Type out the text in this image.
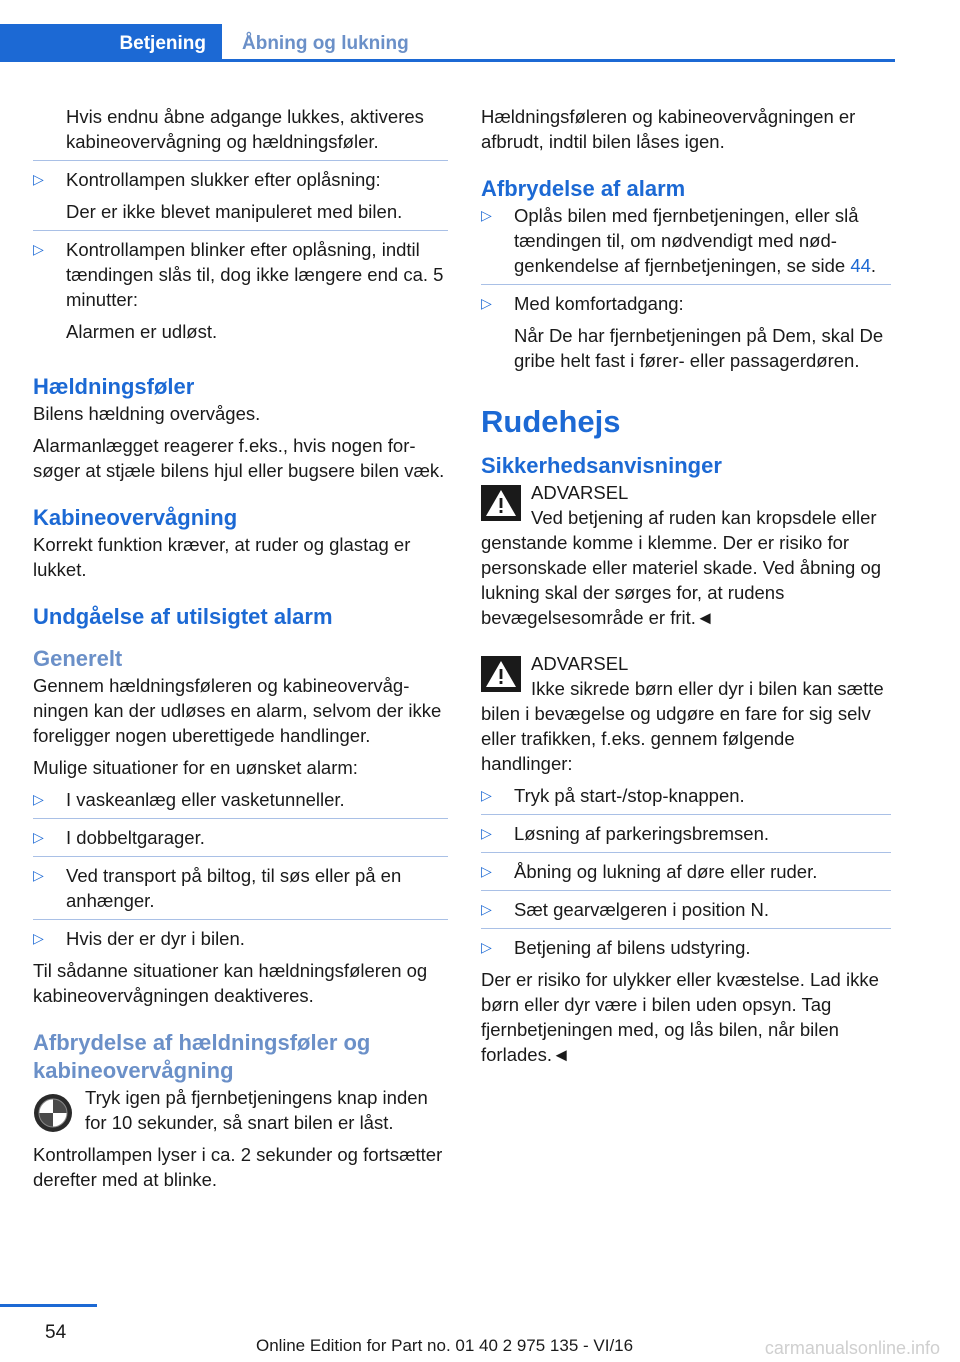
Betjening	Åbning og lukning

Hvis endnu åbne adgange lukkes, aktiveres kabineovervågning og hældningsføler.

▷ Kontrollampen slukker efter oplåsning:

Der er ikke blevet manipuleret med bilen.

▷ Kontrollampen blinker efter oplåsning, indtil tændingen slås til, dog ikke længere end ca. 5 minutter:

Alarmen er udløst.

Hældningsføler

Bilens hældning overvåges.

Alarmanlægget reagerer f.eks., hvis nogen forsøger at stjæle bilens hjul eller bugsere bilen væk.

Kabineovervågning

Korrekt funktion kræver, at ruder og glastag er lukket.

Undgåelse af utilsigtet alarm
Generelt

Gennem hældningsføleren og kabineovervågningen kan der udløses en alarm, selvom der ikke foreligger nogen uberettigede handlinger.

Mulige situationer for en uønsket alarm:

▷ I vaskeanlæg eller vasketunneller.
▷ I dobbeltgarager.
▷ Ved transport på biltog, til søs eller på en anhænger.
▷ Hvis der er dyr i bilen.

Til sådanne situationer kan hældningsføleren og kabineovervågningen deaktiveres.

Afbrydelse af hældningsføler og kabineovervågning

Tryk igen på fjernbetjeningens knap inden for 10 sekunder, så snart bilen er låst.

Kontrollampen lyser i ca. 2 sekunder og fortsætter derefter med at blinke.

Hældningsføleren og kabineovervågningen er afbrudt, indtil bilen låses igen.

Afbrydelse af alarm
▷ Oplås bilen med fjernbetjeningen, eller slå tændingen til, om nødvendigt med nødgenkendelse af fjernbetjeningen, se side 44.
▷ Med komfortadgang:

Når De har fjernbetjeningen på Dem, skal De gribe helt fast i fører- eller passagerdøren.

Rudehejs
Sikkerhedsanvisninger

ADVARSEL

Ved betjening af ruden kan kropsdele eller genstande komme i klemme. Der er risiko for personskade eller materiel skade. Ved åbning og lukning skal der sørges for, at rudens bevægelsesområde er frit.◄

ADVARSEL

Ikke sikrede børn eller dyr i bilen kan sætte bilen i bevægelse og udgøre en fare for sig selv eller trafikken, f.eks. gennem følgende handlinger:

▷ Tryk på start-/stop-knappen.
▷ Løsning af parkeringsbremsen.
▷ Åbning og lukning af døre eller ruder.
▷ Sæt gearvælgeren i position N.
▷ Betjening af bilens udstyring.

Der er risiko for ulykker eller kvæstelse. Lad ikke børn eller dyr være i bilen uden opsyn. Tag fjernbetjeningen med, og lås bilen, når bilen forlades.◄

54
Online Edition for Part no. 01 40 2 975 135 - VI/16	carmanualsonline.info
